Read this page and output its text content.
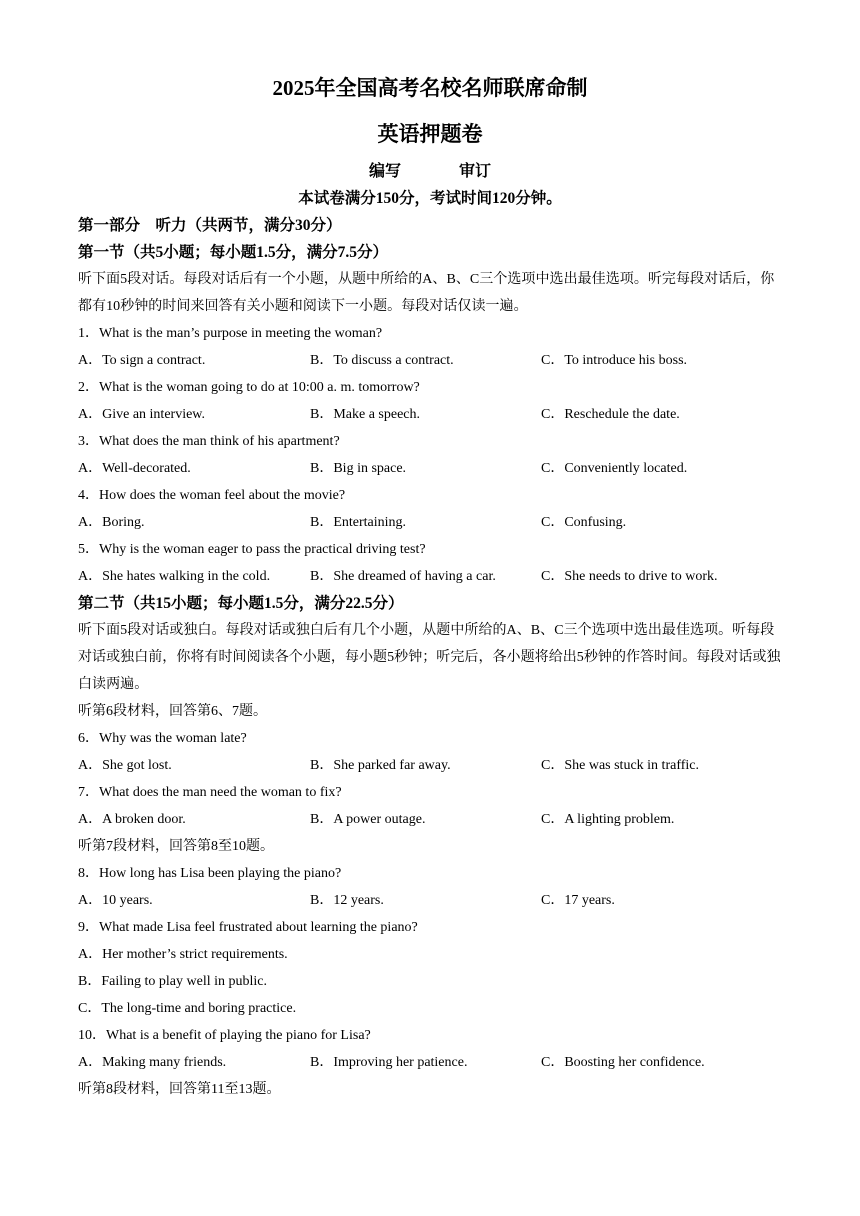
2025年全国高考名校名师联席命制
英语押题卷
编写	审订
本试卷满分150分，考试时间120分钟。
第一部分　听力（共两节，满分30分）
第一节（共5小题；每小题1.5分，满分7.5分）
听下面5段对话。每段对话后有一个小题，从题中所给的A、B、C三个选项中选出最佳选项。听完每段对话后，你都有10秒钟的时间来回答有关小题和阅读下一小题。每段对话仅读一遍。
1．What is the man’s purpose in meeting the woman?
A．To sign a contract.	B．To discuss a contract.	C．To introduce his boss.
2．What is the woman going to do at 10:00 a. m. tomorrow?
A．Give an interview.	B．Make a speech.	C．Reschedule the date.
3．What does the man think of his apartment?
A．Well-decorated.	B．Big in space.	C．Conveniently located.
4．How does the woman feel about the movie?
A．Boring.	B．Entertaining.	C．Confusing.
5．Why is the woman eager to pass the practical driving test?
A．She hates walking in the cold.	B．She dreamed of having a car.	C．She needs to drive to work.
第二节（共15小题；每小题1.5分，满分22.5分）
听下面5段对话或独白。每段对话或独白后有几个小题，从题中所给的A、B、C三个选项中选出最佳选项。听每段对话或独白前，你将有时间阅读各个小题，每小题5秒钟；听完后，各小题将给出5秒钟的作答时间。每段对话或独白读两遍。
听第6段材料，回答第6、7题。
6．Why was the woman late?
A．She got lost.	B．She parked far away.	C．She was stuck in traffic.
7．What does the man need the woman to fix?
A．A broken door.	B．A power outage.	C．A lighting problem.
听第7段材料，回答第8至10题。
8．How long has Lisa been playing the piano?
A．10 years.	B．12 years.	C．17 years.
9．What made Lisa feel frustrated about learning the piano?
A．Her mother’s strict requirements.
B．Failing to play well in public.
C．The long-time and boring practice.
10．What is a benefit of playing the piano for Lisa?
A．Making many friends.	B．Improving her patience.	C．Boosting her confidence.
听第8段材料，回答第11至13题。
